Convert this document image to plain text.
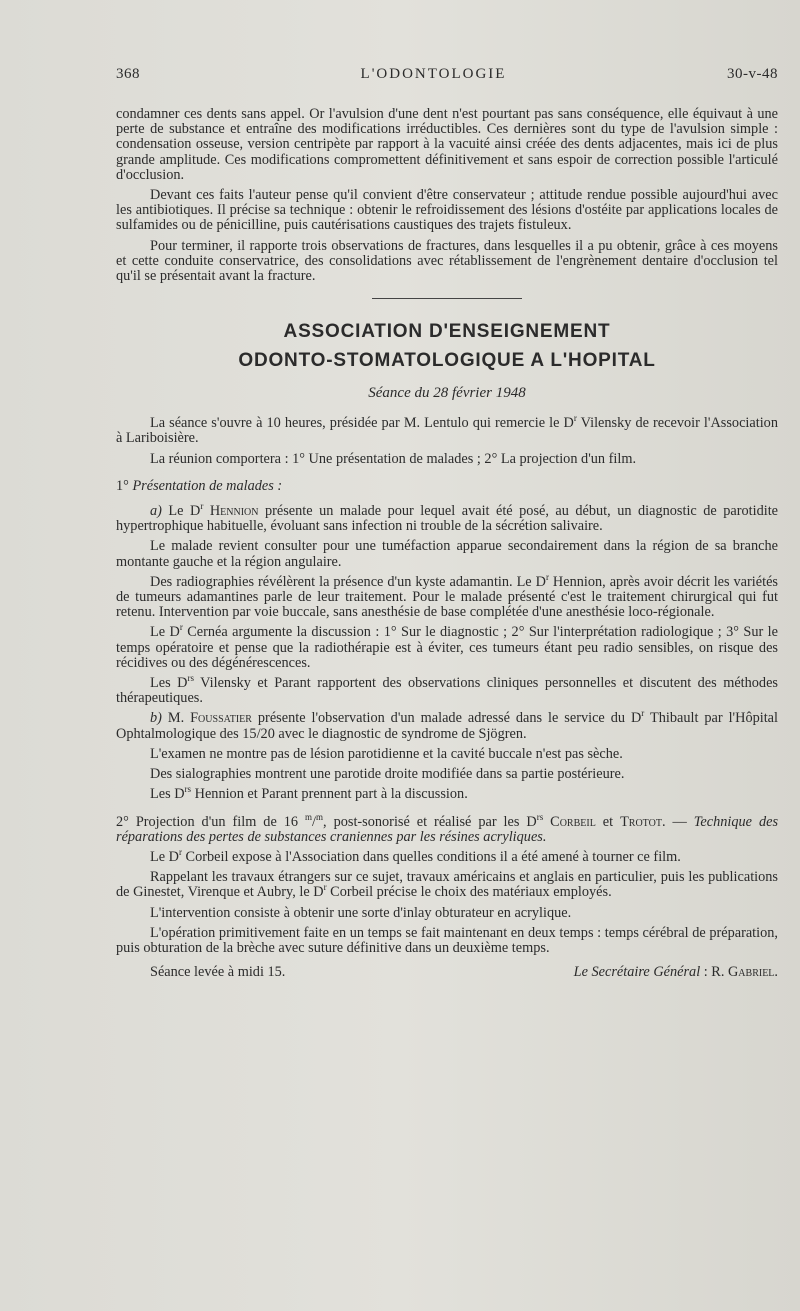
368	L'ODONTOLOGIE	30-v-48

condamner ces dents sans appel. Or l'avulsion d'une dent n'est pourtant pas sans conséquence, elle équivaut à une perte de substance et entraîne des modifications irréductibles. Ces dernières sont du type de l'avulsion simple : condensation osseuse, version centripète par rapport à la vacuité ainsi créée des dents adjacentes, mais ici de plus grande amplitude. Ces modifications compromettent définitivement et sans espoir de correction possible l'articulé d'occlusion.

Devant ces faits l'auteur pense qu'il convient d'être conservateur ; attitude rendue possible aujourd'hui avec les antibiotiques. Il précise sa technique : obtenir le refroidissement des lésions d'ostéite par applications locales de sulfamides ou de pénicilline, puis cautérisations caustiques des trajets fistuleux.

Pour terminer, il rapporte trois observations de fractures, dans lesquelles il a pu obtenir, grâce à ces moyens et cette conduite conservatrice, des consolidations avec rétablissement de l'engrènement dentaire d'occlusion tel qu'il se présentait avant la fracture.

ASSOCIATION D'ENSEIGNEMENT
ODONTO-STOMATOLOGIQUE A L'HOPITAL
Séance du 28 février 1948

La séance s'ouvre à 10 heures, présidée par M. Lentulo qui remercie le $D^r$ Vilensky de recevoir l'Association à Lariboisière.

La réunion comportera : 1° Une présentation de malades ; 2° La projection d'un film.

1° Présentation de malades :

a) Le $D^r$ Hennion présente un malade pour lequel avait été posé, au début, un diagnostic de parotidite hypertrophique habituelle, évoluant sans infection ni trouble de la sécrétion salivaire.

Le malade revient consulter pour une tuméfaction apparue secondairement dans la région de sa branche montante gauche et la région angulaire.

Des radiographies révélèrent la présence d'un kyste adamantin. Le $D^r$ Hennion, après avoir décrit les variétés de tumeurs adamantines parle de leur traitement. Pour le malade présenté c'est le traitement chirurgical qui fut retenu. Intervention par voie buccale, sans anesthésie de base complétée d'une anesthésie loco-régionale.

Le $D^r$ Cernéa argumente la discussion : 1° Sur le diagnostic ; 2° Sur l'interprétation radiologique ; 3° Sur le temps opératoire et pense que la radiothérapie est à éviter, ces tumeurs étant peu radio sensibles, on risque des récidives ou des dégénérescences.

Les $D^{rs}$ Vilensky et Parant rapportent des observations cliniques personnelles et discutent des méthodes thérapeutiques.

b) M. Foussatier présente l'observation d'un malade adressé dans le service du $D^r$ Thibault par l'Hôpital Ophtalmologique des 15/20 avec le diagnostic de syndrome de Sjögren.

L'examen ne montre pas de lésion parotidienne et la cavité buccale n'est pas sèche.

Des sialographies montrent une parotide droite modifiée dans sa partie postérieure.

Les $D^{rs}$ Hennion et Parant prennent part à la discussion.

2° Projection d'un film de 16 $^m$/$^m$, post-sonorisé et réalisé par les $D^{rs}$ Corbeil et Trotot. — Technique des réparations des pertes de substances craniennes par les résines acryliques.

Le $D^r$ Corbeil expose à l'Association dans quelles conditions il a été amené à tourner ce film.

Rappelant les travaux étrangers sur ce sujet, travaux américains et anglais en particulier, puis les publications de Ginestet, Virenque et Aubry, le $D^r$ Corbeil précise le choix des matériaux employés.

L'intervention consiste à obtenir une sorte d'inlay obturateur en acrylique.

L'opération primitivement faite en un temps se fait maintenant en deux temps : temps cérébral de préparation, puis obturation de la brèche avec suture définitive dans un deuxième temps.

Séance levée à midi 15.	Le Secrétaire Général : R. Gabriel.
